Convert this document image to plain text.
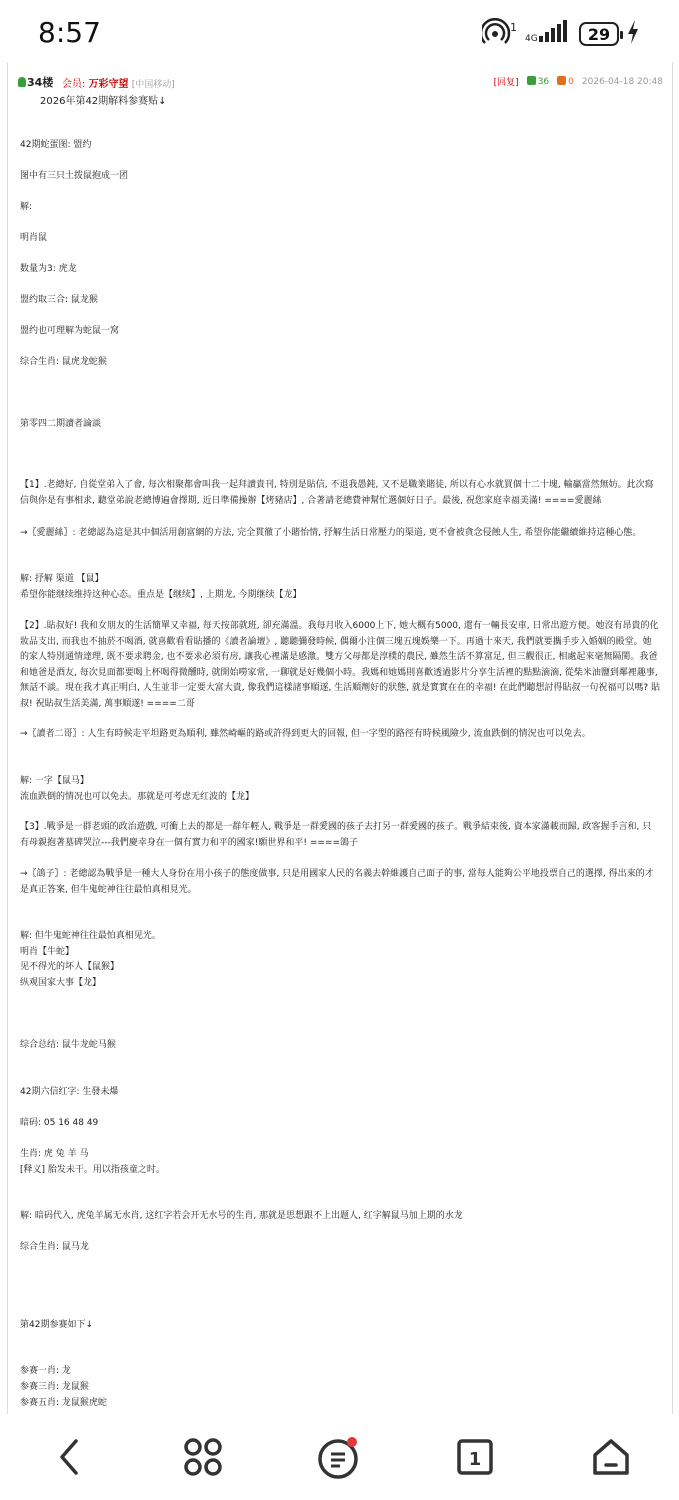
8:57	1
4G	29
34楼 会员: 万彩守望 [中国移动]	[回复]	36	0 2026-04-18 20:48
2026年第42期解料参赛贴↓

42期蛇蛋图: 盟约

图中有三只土拨鼠抱成一团

解:

明肖鼠

数量为3: 虎龙

盟约取三合: 鼠龙猴

盟约也可理解为蛇鼠一窝

综合生肖: 鼠虎龙蛇猴

第零四二期讀者論談

【1】.老總好, 自從堂弟入了會, 每次相聚都會叫我一起拜讀貴刊, 特別是貼信, 不退我愚鈍, 又不是職業賭徒, 所以有心水就買個十二十塊, 輸贏當然無妨。此次寫信與你是有事相求, 聽堂弟說老總博遍會擇期, 近日準備操辦【烤豬店】, 合著請老總費神幫忙選個好日子。最後, 祝您家庭幸福美滿! ====愛麗絲

→〖愛麗絲〗: 老總認為這是其中個活用創富網的方法, 完全貫徹了小賭怡情, 抒解生活日常壓力的渠道, 更不會被貪念侵蝕人生, 希望你能繼續維持這種心態。

解: 抒解 渠道 【鼠】

希望你能继续维持这种心态。重点是【继续】, 上期龙, 今期继续【龙】

【2】.貼叔好! 我和女朋友的生活簡單又幸福, 每天按部就班, 卻充滿溫。我每月收入6000上下, 她大概有5000, 還有一輛長安車, 日常出遊方便。她沒有昂貴的化妝品支出, 而我也不抽菸不喝酒, 就喜歡看看貼播的《讀者論壇》, 聽聽彌發時候, 偶爾小注個三塊五塊娛樂一下。再過十來天, 我們就要攜手步入婚姻的殿堂。她的家人特別通情達理, 既不要求聘金, 也不要求必須有房, 讓我心裡滿是感激。雙方父母都是淳樸的農民, 雖然生活不算富足, 但三觀很正, 相處起來毫無隔閡。我爸和她爸是酒友, 每次見面都要喝上杯喝得微醺時, 就開始嘮家常, 一聊就是好幾個小時。我媽和她媽則喜歡透過影片分享生活裡的點點滴滴, 從柴米油鹽到鄰裡趣事, 無話不談。現在我才真正明白, 人生並非一定要大富大貴, 像我們這樣諸事順遂, 生活順劑好的狀態, 就是實實在在的幸福! 在此們聽想討得貼叔一句祝福可以嗎? 貼叔! 祝貼叔生活美滿, 萬事順遂! ====二哥

→〖讀者二哥〗: 人生有時候走平坦路更為順利, 雖然崎嶇的路或許得到更大的回報, 但一字型的路徑有時候風險少, 流血跌倒的情況也可以免去。

解: 一字【鼠马】

流血跌倒的情况也可以免去。那就是可考虑无红波的【龙】

【3】.戰爭是一群老頭的政治遊戲, 可衝上去的都是一群年輕人, 戰爭是一群愛國的孩子去打另一群愛國的孩子。戰爭結束後, 資本家滿載而歸, 政客握手言和, 只有母親抱著墓碑哭泣---我們慶幸身在一個有實力和平的國家!願世界和平! ====鴿子

→〖鴿子〗: 老總認為戰爭是一種大人身份在用小孩子的態度做事, 只是用國家人民的名義去幹維護自己面子的事, 當每人能夠公平地投票自己的選擇, 得出來的才是真正答案, 但牛鬼蛇神往往最怕真相見光。

解: 但牛鬼蛇神往往最怕真相见光。

明肖【牛蛇】

见不得光的坏人【鼠猴】

纵观国家大事【龙】

综合总结: 鼠牛龙蛇马猴

42期六信红字: 生發未爆

暗码: 05 16 48 49

生肖: 虎 兔 羊 马

[释义] 胎发未干。用以指孩童之时。

解: 暗码代入, 虎兔羊属无水肖, 这红字若会开无水号的生肖, 那就是思想跟不上出题人, 红字解鼠马加上期的水龙

综合生肖: 鼠马龙

第42期参赛如下↓

参赛一肖: 龙

参赛三肖: 龙鼠猴

参赛五肖: 龙鼠猴虎蛇

1
